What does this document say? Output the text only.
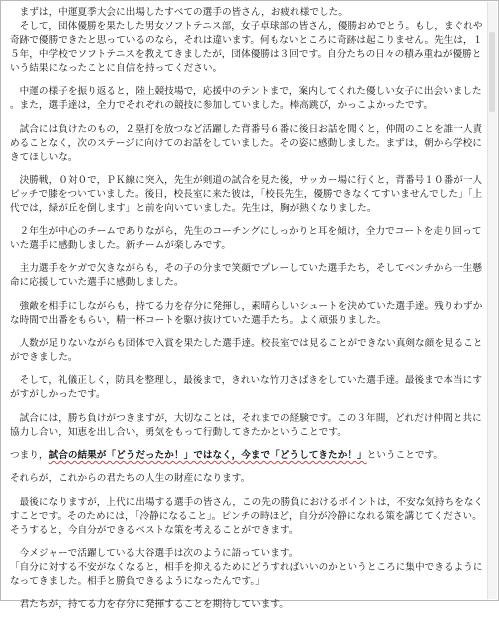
　まずは，中運夏季大会に出場したすべての選手の皆さん，お疲れ様でした。
　そして，団体優勝を果たした男女ソフトテニス部，女子卓球部の皆さん，優勝おめでとう。もし，まぐれや奇跡で優勝できたと思っているのなら，それは違います。何もないところに奇跡は起こりません。先生は，１５年，中学校でソフトテニスを教えてきましたが，団体優勝は３回です。自分たちの日々の積み重ねが優勝という結果になったことに自信を持ってください。

　中運の様子を振り返ると，陸上競技場で，応援中のテントまで，案内してくれた優しい女子に出会いました。また，選手達は，全力でそれぞれの競技に参加していました。棒高跳び，かっこよかったです。

　試合には負けたのもの，２塁打を放つなど活躍した背番号６番に後日お話を聞くと，仲間のことを誰一人責めることなく，次のステージに向けてのお話をしていました。その姿に感動しました。まずは，朝から学校にきてほしいな。

　決勝戦，０対０で，ＰＫ線に突入，先生が剣道の試合を見た後，サッカー場に行くと，背番号１０番が一人ピッチで膝をついていました。後日，校長室に来た彼は，「校長先生，優勝できなくてすいませんでした」「上代では，緑が丘を倒します」と前を向いていました。先生は，胸が熱くなりました。

　２年生が中心のチームでありながら，先生のコーチングにしっかりと耳を傾け，全力でコートを走り回っていた選手に感動しました。新チームが楽しみです。

　主力選手をケガで欠きながらも，その子の分まで笑顔でプレーしていた選手たち，そしてベンチから一生懸命に応援していた選手に感動しました。

　強敵を相手にしながらも，持てる力を存分に発揮し，素晴らしいシュートを決めていた選手達。残りわずかな時間で出番をもらい，精一杯コートを駆け抜けていた選手たち。よく頑張りました。

　人数が足りないながらも団体で入賞を果たした選手達。校長室では見ることができない真剣な顔を見ることができました。

　そして，礼儀正しく，防具を整理し，最後まで，きれいな竹刀さばきをしていた選手達。最後まで本当にすがすがしかったです。

　試合には，勝ち負けがつきますが，大切なことは，それまでの経験です。この３年間，どれだけ仲間と共に協力し合い，知恵を出し合い，勇気をもって行動してきたかということです。

つまり，試合の結果が「どうだったか！」ではなく，今まで「どうしてきたか！」ということです。

それらが，これからの君たちの人生の財産になります。

　最後になりますが，上代に出場する選手の皆さん，この先の勝負におけるポイントは，不安な気持ちをなくすことです。そのためには，「冷静になること」。ピンチの時ほど，自分が冷静になれる策を講じてください。そうすると，今自分ができるベストな策を考えることができます。

　今メジャーで活躍している大谷選手は次のように語っています。

「自分に対する不安がなくなると，相手を抑えるためにどうすればいいのかというところに集中できるようになってきました。相手と勝負できるようになったんです。」

　君たちが，持てる力を存分に発揮することを期待しています。
